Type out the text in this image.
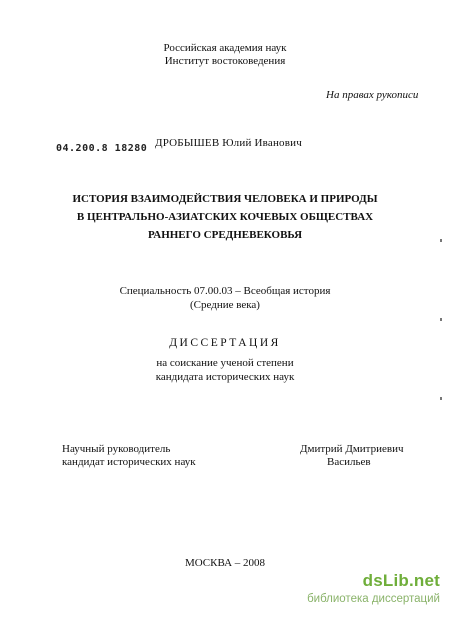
Российская академия наук
Институт востоковедения
На правах рукописи
04.200.8 18280 ДРОБЫШЕВ Юлий Иванович
ИСТОРИЯ ВЗАИМОДЕЙСТВИЯ ЧЕЛОВЕКА И ПРИРОДЫ
В ЦЕНТРАЛЬНО-АЗИАТСКИХ КОЧЕВЫХ ОБЩЕСТВАХ
РАННЕГО СРЕДНЕВЕКОВЬЯ
Специальность 07.00.03 – Всеобщая история
(Средние века)
ДИССЕРТАЦИЯ
на соискание ученой степени
кандидата исторических наук
Научный руководитель
кандидат исторических наук
Дмитрий Дмитриевич
Васильев
МОСКВА – 2008
dsLib.net
библиотека диссертаций
